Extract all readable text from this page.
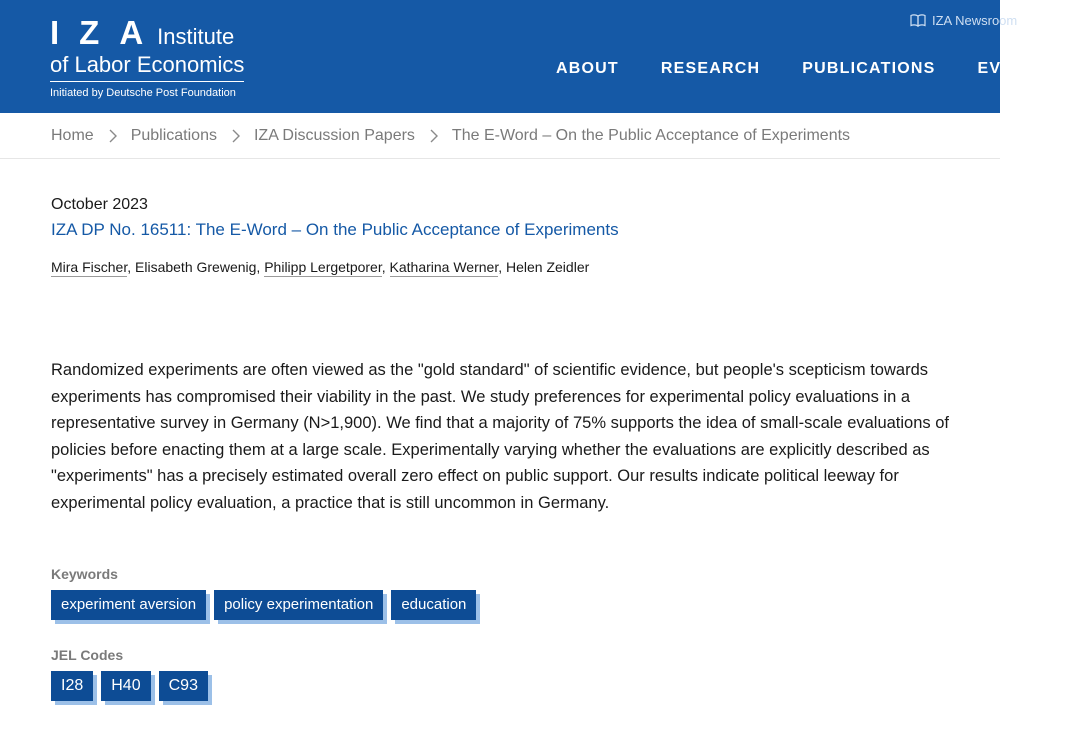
IZA
Institute
of Labor Economics
Initiated by Deutsche Post Foundation
IZA Newsroom
ABOUT	RESEARCH	PUBLICATIONS	EVENTS
Home Publications IZA Discussion Papers The E-Word – On the Public Acceptance of Experiments
October 2023
IZA DP No. 16511: The E-Word – On the Public Acceptance of Experiments
Mira Fischer, Elisabeth Grewenig, Philipp Lergetporer, Katharina Werner, Helen Zeidler

Randomized experiments are often viewed as the "gold standard" of scientific evidence, but people's scepticism towards experiments has compromised their viability in the past. We study preferences for experimental policy evaluations in a representative survey in Germany (N>1,900). We find that a majority of 75% supports the idea of small-scale evaluations of policies before enacting them at a large scale. Experimentally varying whether the evaluations are explicitly described as "experiments" has a precisely estimated overall zero effect on public support. Our results indicate political leeway for experimental policy evaluation, a practice that is still uncommon in Germany.

Keywords
experiment aversion	policy experimentation	education
JEL Codes
I28	H40	C93
